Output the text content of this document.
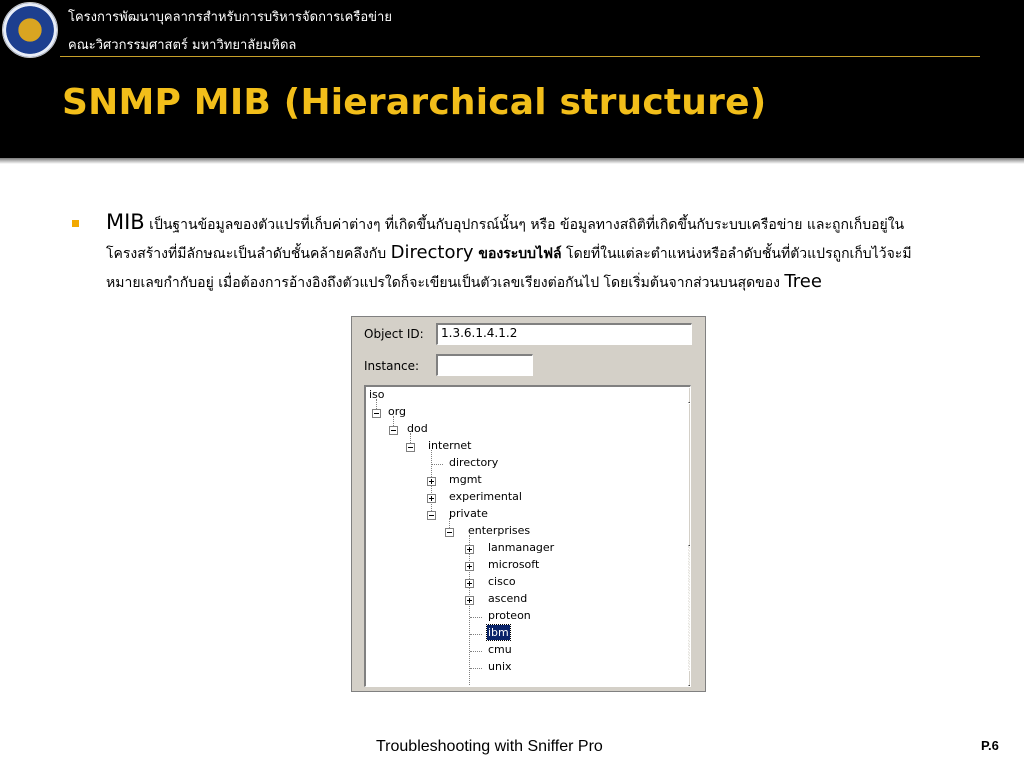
โครงการพัฒนาบุคลากรสำหรับการบริหารจัดการเครือข่าย
คณะวิศวกรรมศาสตร์ มหาวิทยาลัยมหิดล
SNMP MIB (Hierarchical structure)
MIB เป็นฐานข้อมูลของตัวแปรที่เก็บค่าต่างๆ ที่เกิดขึ้นกับอุปกรณ์นั้นๆ หรือ ข้อมูลทางสถิติที่เกิดขึ้นกับระบบเครือข่าย และถูกเก็บอยู่ในโครงสร้างที่มีลักษณะเป็นลำดับชั้นคล้ายคลึงกับ Directory ของระบบไฟล์ โดยที่ในแต่ละตำแหน่งหรือลำดับชั้นที่ตัวแปรถูกเก็บไว้จะมีหมายเลขกำกับอยู่ เมื่อต้องการอ้างอิงถึงตัวแปรใดก็จะเขียนเป็นตัวเลขเรียงต่อกันไป โดยเริ่มต้นจากส่วนบนสุดของ Tree
Object ID:	1.3.6.1.4.1.2
Instance:
iso
org
dod
internet
directory
mgmt
experimental
private
enterprises
lanmanager
microsoft
cisco
ascend
proteon
ibm
cmu
unix
Troubleshooting with Sniffer Pro	P.6
